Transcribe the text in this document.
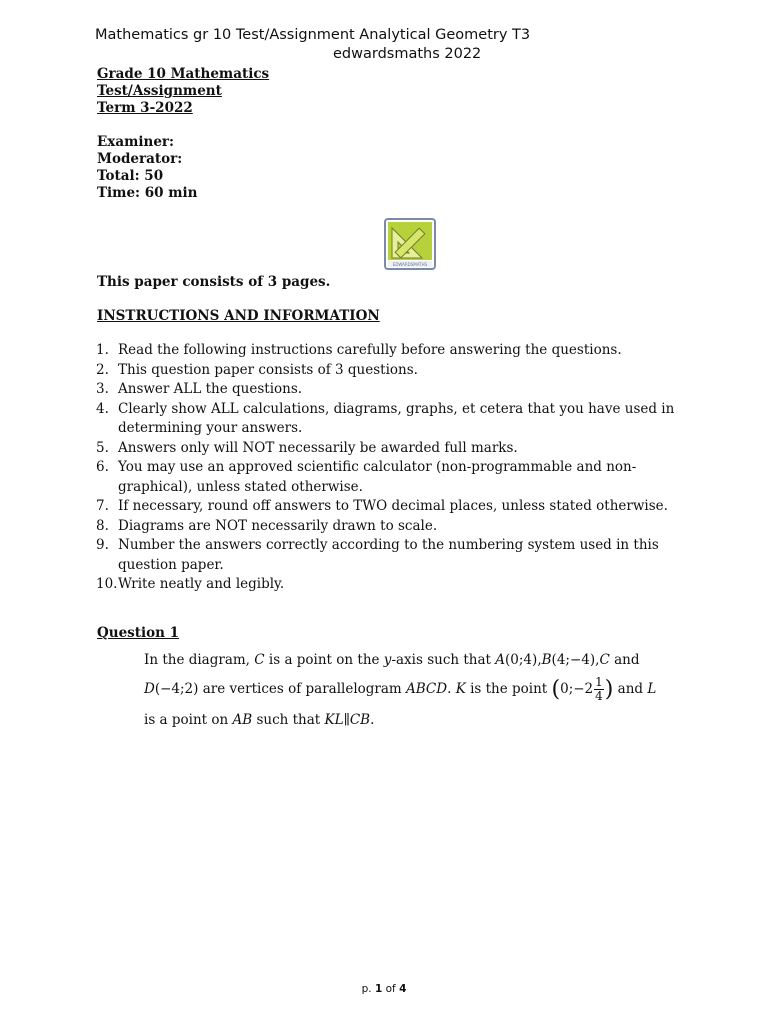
Mathematics gr 10 Test/Assignment Analytical Geometry T3
edwardsmaths 2022
Grade 10 Mathematics
Test/Assignment
Term 3-2022
Examiner:
Moderator:
Total: 50
Time: 60 min
EDWARDSMATHS
This paper consists of 3 pages.
INSTRUCTIONS AND INFORMATION
1. Read the following instructions carefully before answering the questions.
2. This question paper consists of 3 questions.
3. Answer ALL the questions.
4. Clearly show ALL calculations, diagrams, graphs, et cetera that you have used in
determining your answers.
5. Answers only will NOT necessarily be awarded full marks.
6. You may use an approved scientific calculator (non-programmable and non-
graphical), unless stated otherwise.
7. If necessary, round off answers to TWO decimal places, unless stated otherwise.
8. Diagrams are NOT necessarily drawn to scale.
9. Number the answers correctly according to the numbering system used in this
question paper.
10. Write neatly and legibly.
Question 1
In the diagram, C is a point on the y-axis such that A(0;4),B(4;−4),C and
D(−4;2) are vertices of parallelogram ABCD. K is the point (0;−2 $\frac{1}{4}$ ) and L
is a point on AB such that KL∥CB.
p. 1 of 4
